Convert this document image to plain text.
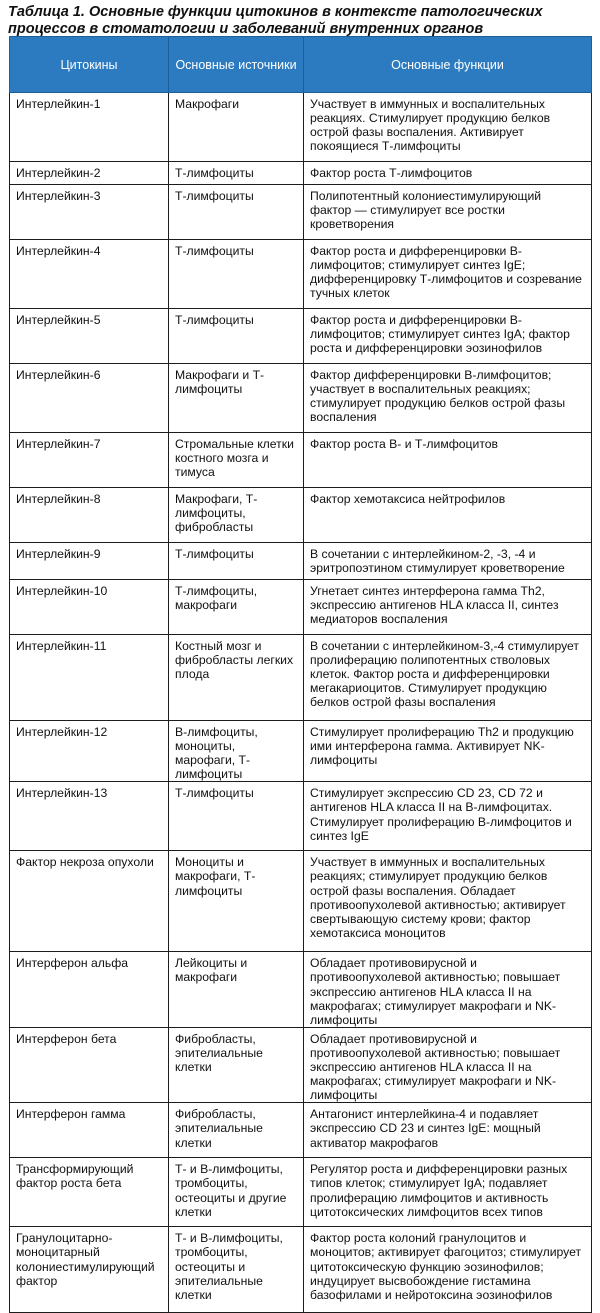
Таблица 1. Основные функции цитокинов в контексте патологических процессов в стоматологии и заболеваний внутренних органов
Цитокины	Основные источники	Основные функции
Интерлейкин-1	Макрофаги	Участвует в иммунных и воспалительных реакциях. Стимулирует продукцию белков острой фазы воспаления. Активирует покоящиеся Т-лимфоциты
Интерлейкин-2	Т-лимфоциты	Фактор роста Т-лимфоцитов
Интерлейкин-3	Т-лимфоциты	Полипотентный колониестимулирующий фактор — стимулирует все ростки кроветворения
Интерлейкин-4	Т-лимфоциты	Фактор роста и дифференцировки В-лимфоцитов; стимулирует синтез IgE; дифференцировку Т-лимфоцитов и созревание тучных клеток
Интерлейкин-5	Т-лимфоциты	Фактор роста и дифференцировки В-лимфоцитов; стимулирует синтез IgA; фактор роста и дифференцировки эозинофилов
Интерлейкин-6	Макрофаги и Т-лимфоциты	Фактор дифференцировки В-лимфоцитов; участвует в воспалительных реакциях; стимулирует продукцию белков острой фазы воспаления
Интерлейкин-7	Стромальные клетки костного мозга и тимуса	Фактор роста В- и Т-лимфоцитов
Интерлейкин-8	Макрофаги, Т-лимфоциты, фибробласты	Фактор хемотаксиса нейтрофилов
Интерлейкин-9	Т-лимфоциты	В сочетании с интерлейкином-2, -3, -4 и эритропоэтином стимулирует кроветворение
Интерлейкин-10	Т-лимфоциты, макрофаги	Угнетает синтез интерферона гамма Th2, экспрессию антигенов HLA класса II, синтез медиаторов воспаления
Интерлейкин-11	Костный мозг и фибробласты легких плода	В сочетании с интерлейкином-3,-4 стимулирует пролиферацию полипотентных стволовых клеток. Фактор роста и дифференцировки мегакариоцитов. Стимулирует продукцию белков острой фазы воспаления
Интерлейкин-12	В-лимфоциты, моноциты, марофаги, Т-лимфоциты	Стимулирует пролиферацию Th2 и продукцию ими интерферона гамма. Активирует NK-лимфоциты
Интерлейкин-13	Т-лимфоциты	Стимулирует экспрессию CD 23, CD 72 и антигенов HLA класса II на В-лимфоцитах. Стимулирует пролиферацию В-лимфоцитов и синтез IgE
Фактор некроза опухоли	Моноциты и макрофаги, Т-лимфоциты	Участвует в иммунных и воспалительных реакциях; стимулирует продукцию белков острой фазы воспаления. Обладает противоопухолевой активностью; активирует свертывающую систему крови; фактор хемотаксиса моноцитов
Интерферон альфа	Лейкоциты и макрофаги	Обладает противовирусной и противоопухолевой активностью; повышает экспрессию антигенов HLA класса II на макрофагах; стимулирует макрофаги и NK-лимфоциты
Интерферон бета	Фибробласты, эпителиальные клетки	Обладает противовирусной и противоопухолевой активностью; повышает экспрессию антигенов HLA класса II на макрофагах; стимулирует макрофаги и NK-лимфоциты
Интерферон гамма	Фибробласты, эпителиальные клетки	Антагонист интерлейкина-4 и подавляет экспрессию CD 23 и синтез IgE: мощный активатор макрофагов
Трансформирующий фактор роста бета	Т- и В-лимфоциты, тромбоциты, остеоциты и другие клетки	Регулятор роста и дифференцировки разных типов клеток; стимулирует IgA; подавляет пролиферацию лимфоцитов и активность цитотоксических лимфоцитов всех типов
Гранулоцитарно-моноцитарный колониестимулирующий фактор	Т- и В-лимфоциты, тромбоциты, остеоциты и эпителиальные клетки	Фактор роста колоний гранулоцитов и моноцитов; активирует фагоцитоз; стимулирует цитотоксическую функцию эозинофилов; индуцирует высвобождение гистамина базофилами и нейротоксина эозинофилов
